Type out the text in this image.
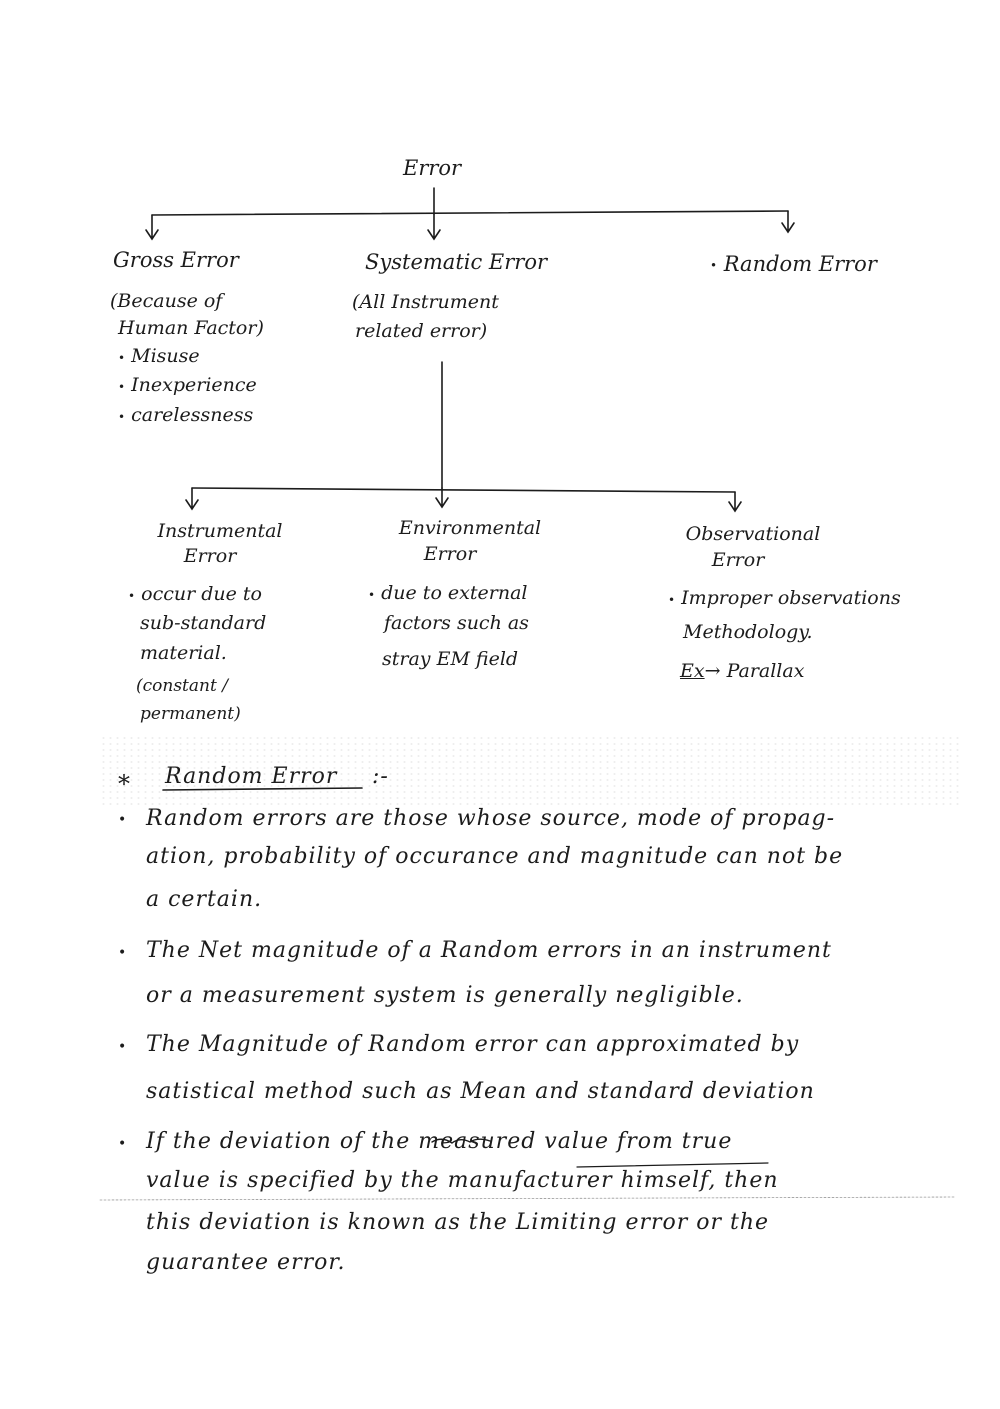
Error
Gross Error	Systematic Error	• Random Error
(Because of
Human Factor)
• Misuse
• Inexperience
• carelessness
(All Instrument
related error)
Instrumental
Error
• occur due to
sub-standard
material.
(constant /
permanent)
Environmental
Error
• due to external
factors such as
stray EM field
Observational
Error
• Improper observations
Methodology.
Ex→ Parallax
* Random Error :-
• Random errors are those whose source, mode of propag-
ation, probability of occurance and magnitude can not be
a certain.
• The Net magnitude of a Random errors in an instrument
or a measurement system is generally negligible.
• The Magnitude of Random error can approximated by
satistical method such as Mean and standard deviation
• If the deviation of the measured value from true
value is specified by the manufacturer himself, then
this deviation is known as the Limiting error or the
guarantee error.
